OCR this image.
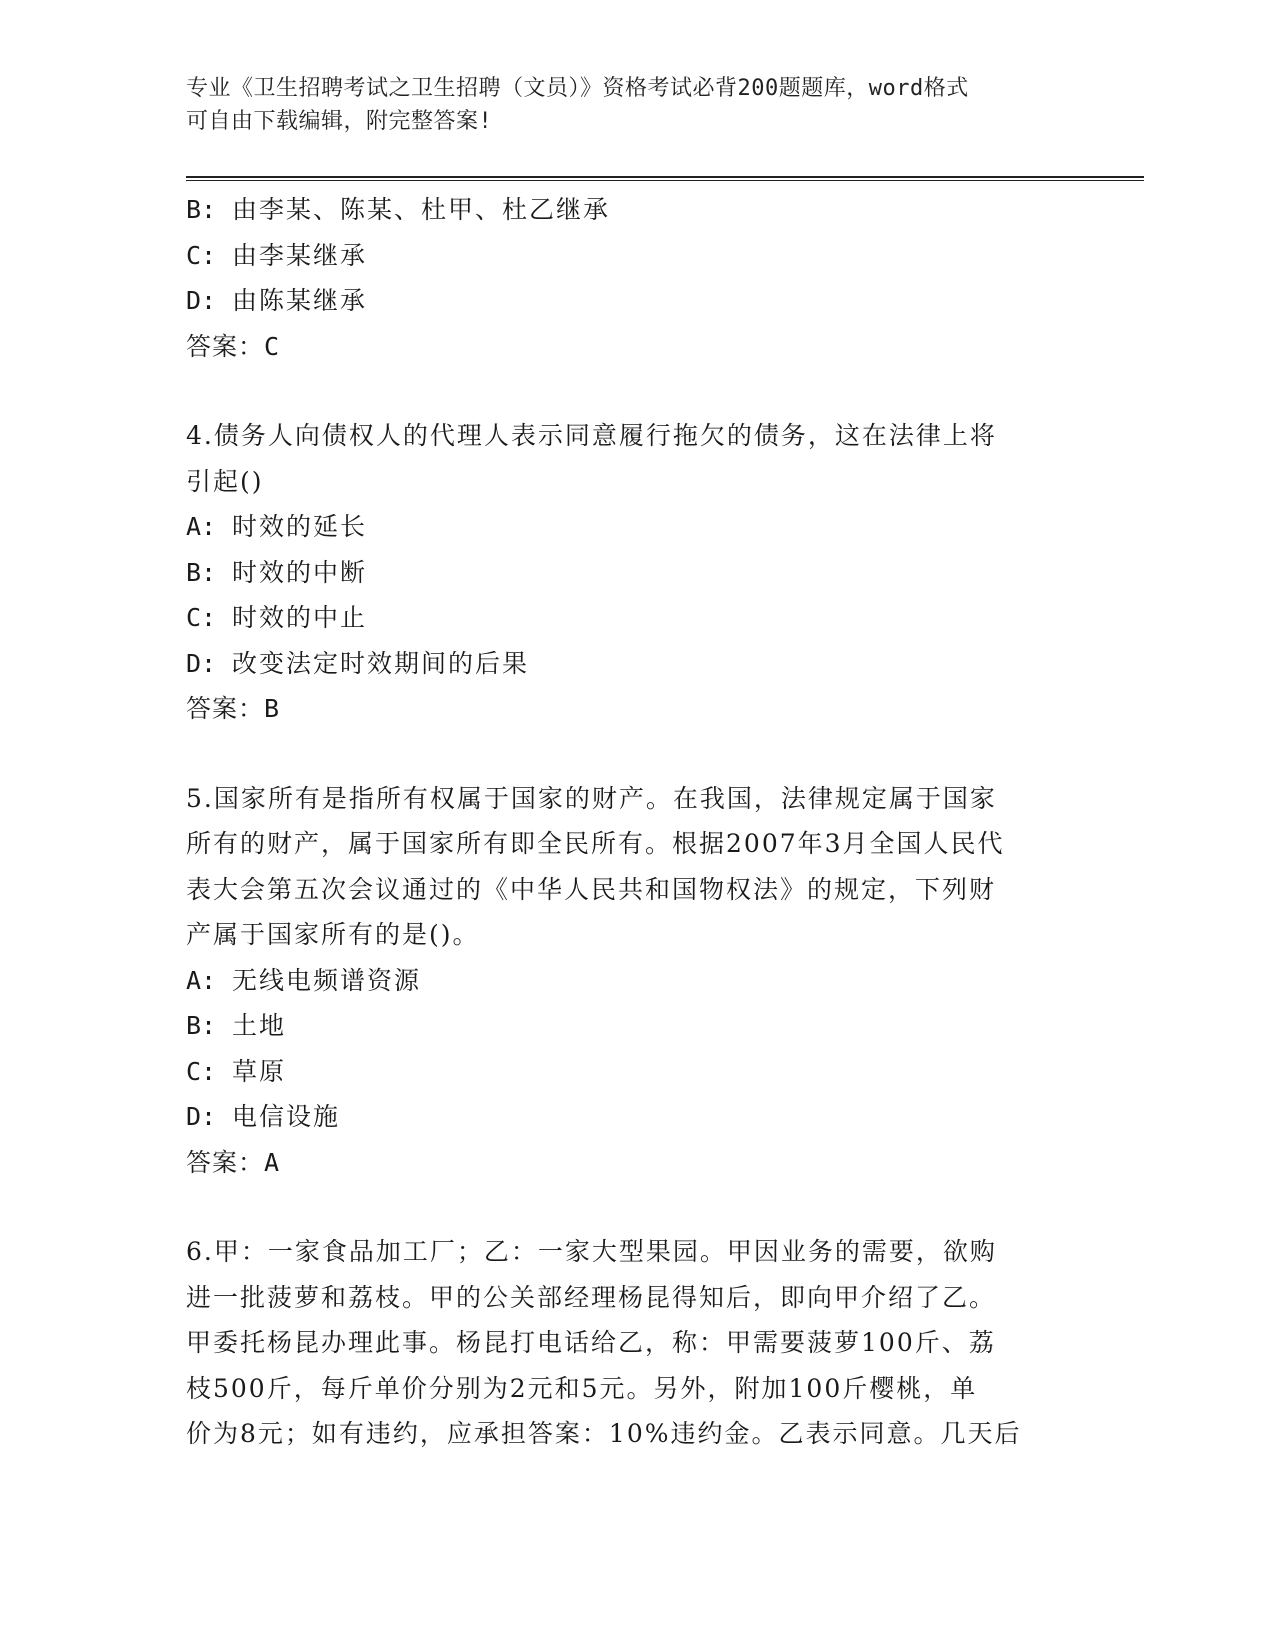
专业《卫生招聘考试之卫生招聘（文员）》资格考试必背200题题库，word格式
可自由下载编辑，附完整答案!
B: 由李某、陈某、杜甲、杜乙继承
C: 由李某继承
D: 由陈某继承
答案：C
4.债务人向债权人的代理人表示同意履行拖欠的债务，这在法律上将
引起()
A: 时效的延长
B: 时效的中断
C: 时效的中止
D: 改变法定时效期间的后果
答案：B
5.国家所有是指所有权属于国家的财产。在我国，法律规定属于国家
所有的财产，属于国家所有即全民所有。根据2007年3月全国人民代
表大会第五次会议通过的《中华人民共和国物权法》的规定，下列财
产属于国家所有的是()。
A: 无线电频谱资源
B: 土地
C: 草原
D: 电信设施
答案：A
6.甲：一家食品加工厂；乙：一家大型果园。甲因业务的需要，欲购
进一批菠萝和荔枝。甲的公关部经理杨昆得知后，即向甲介绍了乙。
甲委托杨昆办理此事。杨昆打电话给乙，称：甲需要菠萝100斤、荔
枝500斤，每斤单价分别为2元和5元。另外，附加100斤樱桃，单
价为8元；如有违约，应承担答案：10%违约金。乙表示同意。几天后
